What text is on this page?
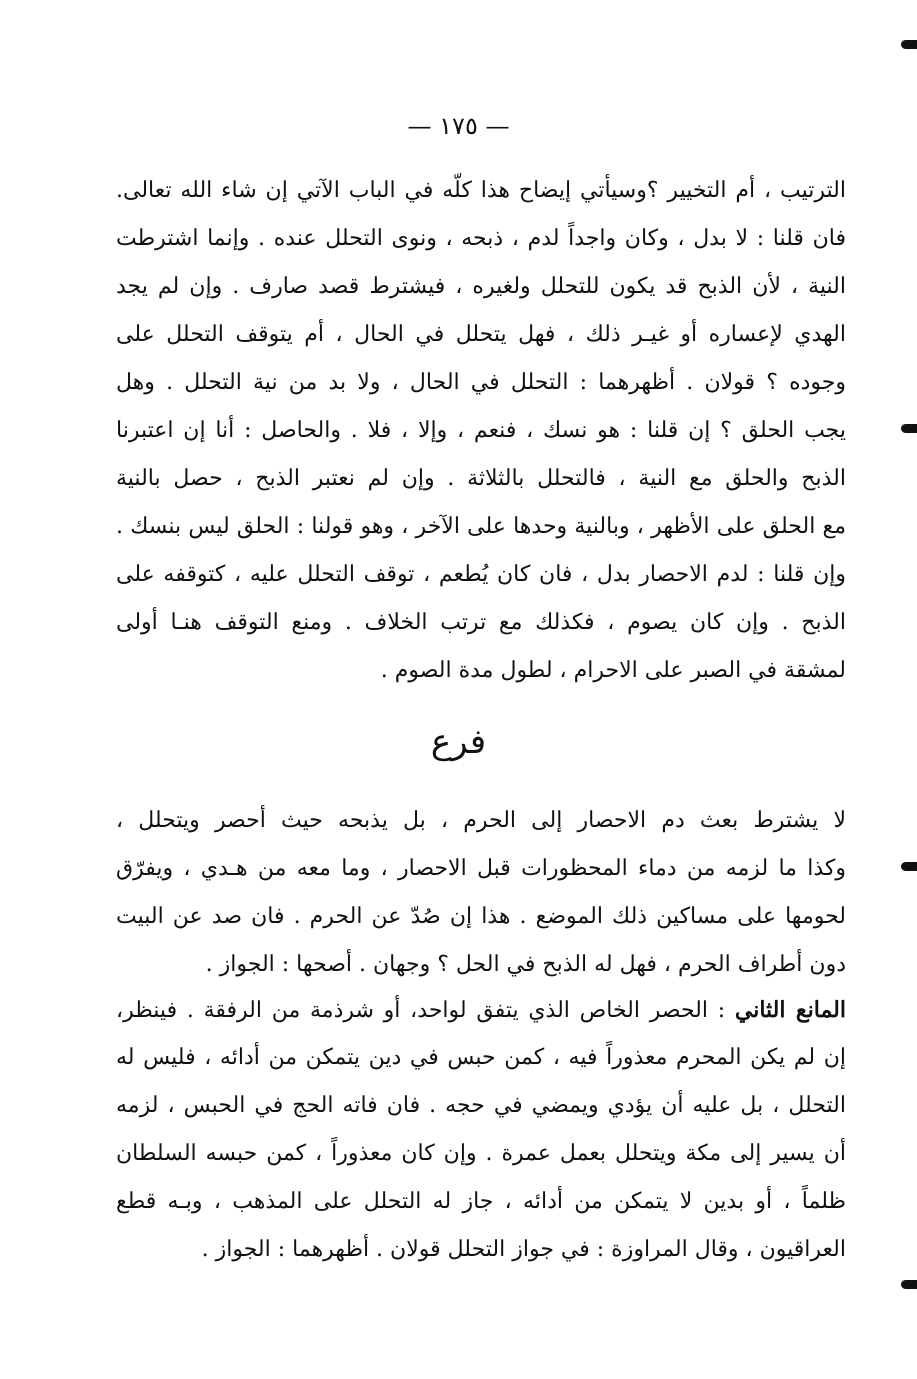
— ١٧٥ —
الترتيب ، أم التخيير ؟وسيأتي إيضاح هذا كلّه في الباب الآتي إن شاء الله تعالى.
فان قلنا : لا بدل ، وكان واجداً لدم ، ذبحه ، ونوى التحلل عنده . وإنما اشترطت
النية ، لأن الذبح قد يكون للتحلل ولغيره ، فيشترط قصد صارف . وإن لم يجد
الهدي لإعساره أو غيـر ذلك ، فهل يتحلل في الحال ، أم يتوقف التحلل على
وجوده ؟ قولان . أظهرهما : التحلل في الحال ، ولا بد من نية التحلل . وهل
يجب الحلق ؟ إن قلنا : هو نسك ، فنعم ، وإلا ، فلا . والحاصل : أنا إن اعتبرنا
الذبح والحلق مع النية ، فالتحلل بالثلاثة . وإن لم نعتبر الذبح ، حصل بالنية
مع الحلق على الأظهر ، وبالنية وحدها على الآخر ، وهو قولنا : الحلق ليس بنسك .
وإن قلنا : لدم الاحصار بدل ، فان كان يُطعم ، توقف التحلل عليه ، كتوقفه على
الذبح . وإن كان يصوم ، فكذلك مع ترتب الخلاف . ومنع التوقف هنـا أولى
لمشقة في الصبر على الاحرام ، لطول مدة الصوم .
فرع
لا يشترط بعث دم الاحصار إلى الحرم ، بل يذبحه حيث أحصر ويتحلل ،
وكذا ما لزمه من دماء المحظورات قبل الاحصار ، وما معه من هـدي ، ويفرّق
لحومها على مساكين ذلك الموضع . هذا إن صُدّ عن الحرم . فان صد عن البيت
دون أطراف الحرم ، فهل له الذبح في الحل ؟ وجهان . أصحها : الجواز .
المانع الثاني : الحصر الخاص الذي يتفق لواحد، أو شرذمة من الرفقة . فينظر،
إن لم يكن المحرم معذوراً فيه ، كمن حبس في دين يتمكن من أدائه ، فليس له
التحلل ، بل عليه أن يؤدي ويمضي في حجه . فان فاته الحج في الحبس ، لزمه
أن يسير إلى مكة ويتحلل بعمل عمرة . وإن كان معذوراً ، كمن حبسه السلطان
ظلماً ، أو بدين لا يتمكن من أدائه ، جاز له التحلل على المذهب ، وبـه قطع
العراقيون ، وقال المراوزة : في جواز التحلل قولان . أظهرهما : الجواز .
